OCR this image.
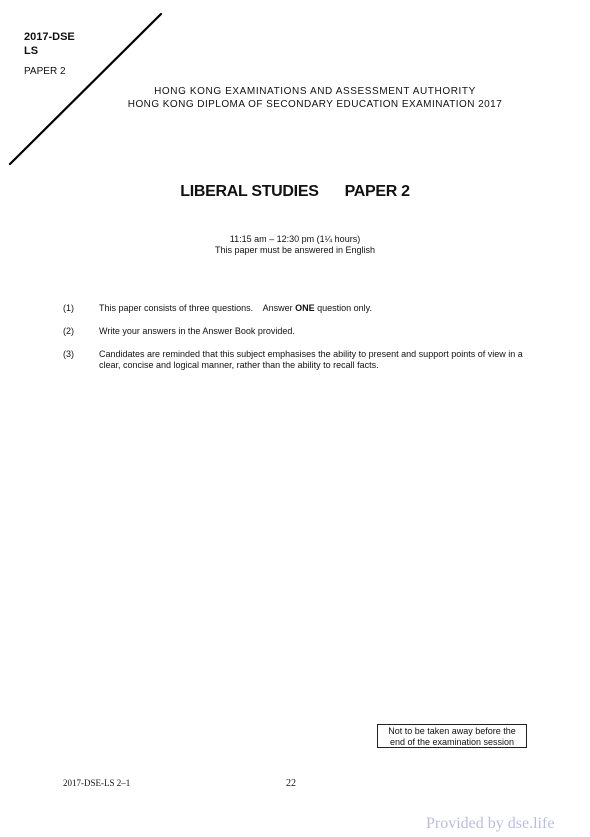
2017-DSE
LS
PAPER 2
HONG KONG EXAMINATIONS AND ASSESSMENT AUTHORITY
HONG KONG DIPLOMA OF SECONDARY EDUCATION EXAMINATION 2017
LIBERAL STUDIES PAPER 2
11:15 am – 12:30 pm (1¼ hours)
This paper must be answered in English
(1)	This paper consists of three questions.    Answer ONE question only.
(2)	Write your answers in the Answer Book provided.
(3)	Candidates are reminded that this subject emphasises the ability to present and support points of view in a clear, concise and logical manner, rather than the ability to recall facts.
Not to be taken away before the
end of the examination session
2017-DSE-LS 2–1	22
Provided by dse.life
